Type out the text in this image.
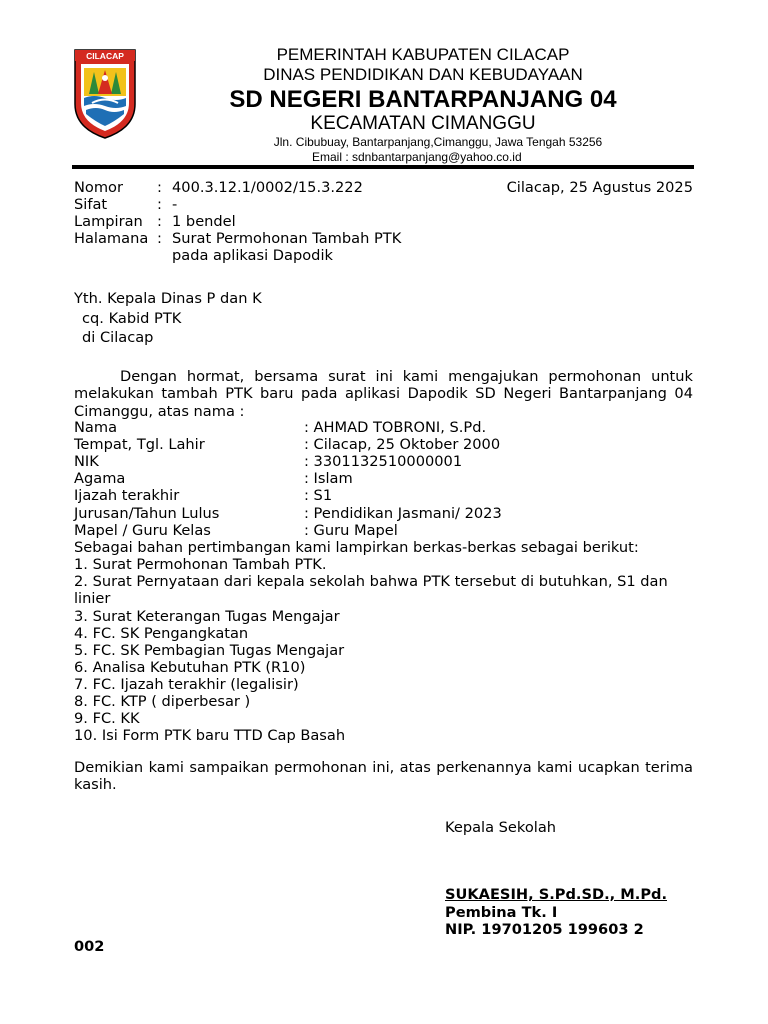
CILACAP	PEMERINTAH KABUPATEN CILACAP
DINAS PENDIDIKAN DAN KEBUDAYAAN
SD NEGERI BANTARPANJANG 04
KECAMATAN CIMANGGU
Jln. Cibubuay, Bantarpanjang,Cimanggu, Jawa Tengah 53256
Email : sdnbantarpanjang@yahoo.co.id
Nomor : 400.3.12.1/0002/15.3.222	Cilacap, 25 Agustus 2025
Sifat	: -
Lampiran : 1 bendel
Halamana : Surat Permohonan Tambah PTK
pada aplikasi Dapodik
Yth. Kepala Dinas P dan K
cq. Kabid PTK
di Cilacap
Dengan hormat, bersama surat ini kami mengajukan permohonan untuk melakukan tambah PTK baru pada aplikasi Dapodik SD Negeri Bantarpanjang 04 Cimanggu, atas nama :
Nama	: AHMAD TOBRONI, S.Pd.
Tempat, Tgl. Lahir	: Cilacap, 25 Oktober 2000
NIK	: 3301132510000001
Agama	: Islam
Ijazah terakhir	: S1
Jurusan/Tahun Lulus	: Pendidikan Jasmani/ 2023
Mapel / Guru Kelas	: Guru Mapel
Sebagai bahan pertimbangan kami lampirkan berkas-berkas sebagai berikut:
1. Surat Permohonan Tambah PTK.
2. Surat Pernyataan dari kepala sekolah bahwa PTK tersebut di butuhkan, S1 dan linier
3. Surat Keterangan Tugas Mengajar
4. FC. SK Pengangkatan
5. FC. SK Pembagian Tugas Mengajar
6. Analisa Kebutuhan PTK (R10)
7. FC. Ijazah terakhir (legalisir)
8. FC. KTP ( diperbesar )
9. FC. KK
10. Isi Form PTK baru TTD Cap Basah
Demikian kami sampaikan permohonan ini, atas perkenannya kami ucapkan terima kasih.
Kepala Sekolah
SUKAESIH, S.Pd.SD., M.Pd.
Pembina Tk. I
NIP. 19701205 199603 2
002
